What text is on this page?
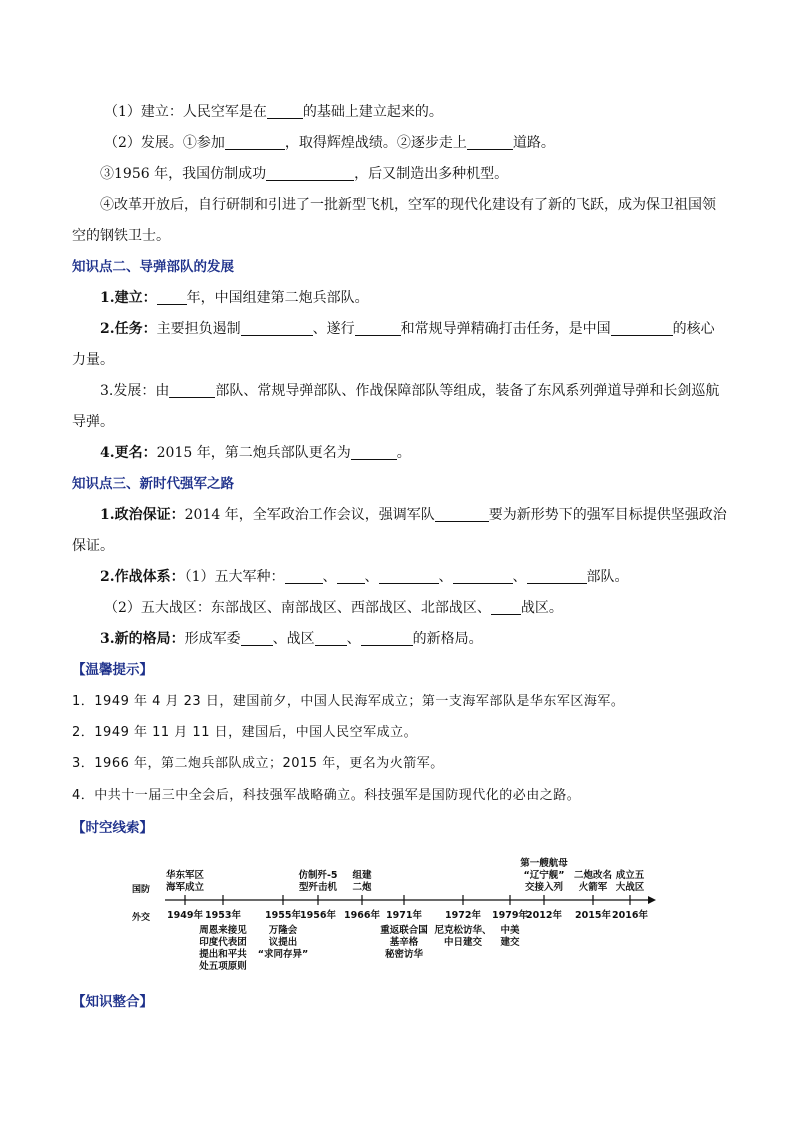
（1）建立：人民空军是在	的基础上建立起来的。
（2）发展。①参加	，取得辉煌战绩。②逐步走上	道路。
③1956 年，我国仿制成功	，后又制造出多种机型。
④改革开放后，自行研制和引进了一批新型飞机，空军的现代化建设有了新的飞跃，成为保卫祖国领
空的钢铁卫士。
知识点二、导弹部队的发展
1.建立： 年，中国组建第二炮兵部队。
2.任务：主要担负遏制	、遂行	和常规导弹精确打击任务，是中国	的核心
力量。
3.发展：由	部队、常规导弹部队、作战保障部队等组成，装备了东风系列弹道导弹和长剑巡航
导弹。
4.更名：2015 年，第二炮兵部队更名为	。
知识点三、新时代强军之路
1.政治保证：2014 年，全军政治工作会议，强调军队	要为新形势下的强军目标提供坚强政治
保证。
2.作战体系：（1）五大军种：	、 、	、	、	部队。
（2）五大战区：东部战区、南部战区、西部战区、北部战区、 战区。
3.新的格局：形成军委 、战区 、	的新格局。
【温馨提示】
1．1949 年 4 月 23 日，建国前夕，中国人民海军成立；第一支海军部队是华东军区海军。
2．1949 年 11 月 11 日，建国后，中国人民空军成立。
3．1966 年，第二炮兵部队成立；2015 年，更名为火箭军。
4．中共十一届三中全会后，科技强军战略确立。科技强军是国防现代化的必由之路。
【时空线索】
国防
外交 1949年 1953年	1955年 1956年 1966年 1971年 1972年 1979年
2012年 2015年 2016年
华东军区
海军成立
仿制歼-5
型歼击机
组建
二炮
第一艘航母
“辽宁舰”
交接入列
二炮改名
火箭军
成立五
大战区
周恩来接见
印度代表团
提出和平共
处五项原则
万隆会
议提出
“求同存异”
重返联合国
基辛格
秘密访华
尼克松访华、
中日建交
中美
建交
【知识整合】
